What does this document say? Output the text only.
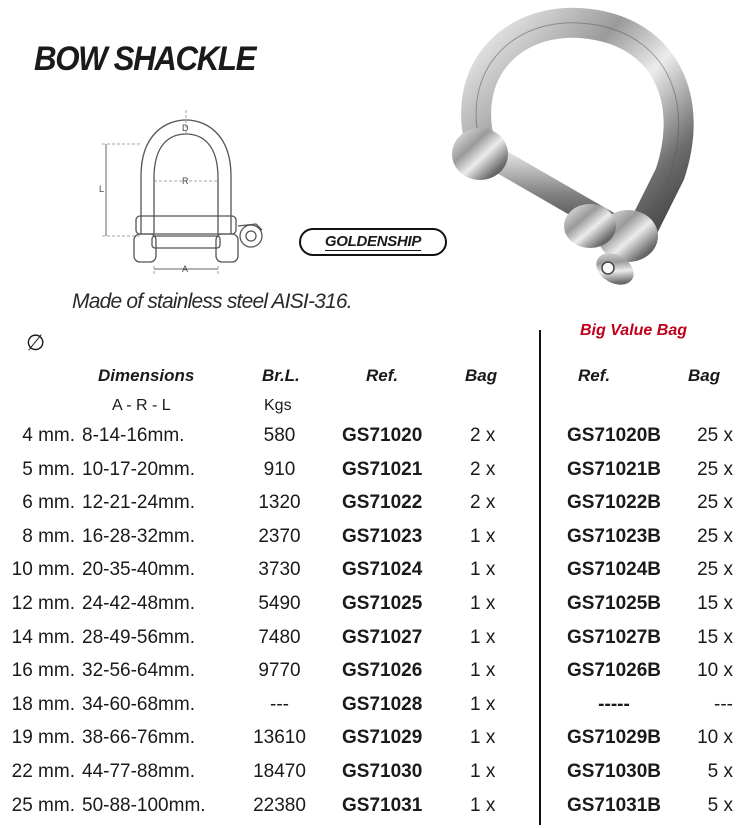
BOW SHACKLE
D
R
L
A
GOLDENSHIP
Made of stainless steel AISI-316.
∅	Big Value Bag
Dimensions
A - R - L
Br.L.
Kgs
Ref.	Bag	Ref.	Bag
4 mm. 8-14-16mm.	580	GS71020	2 x	GS71020B	25 x
5 mm. 10-17-20mm.	910	GS71021	2 x	GS71021B	25 x
6 mm. 12-21-24mm.	1320	GS71022	2 x	GS71022B	25 x
8 mm. 16-28-32mm.	2370	GS71023	1 x	GS71023B	25 x
10 mm. 20-35-40mm.	3730	GS71024	1 x	GS71024B	25 x
12 mm. 24-42-48mm.	5490	GS71025	1 x	GS71025B	15 x
14 mm. 28-49-56mm.	7480	GS71027	1 x	GS71027B	15 x
16 mm. 32-56-64mm.	9770	GS71026	1 x	GS71026B	10 x
18 mm. 34-60-68mm.	---	GS71028	1 x	-----	---
19 mm. 38-66-76mm.	13610	GS71029	1 x	GS71029B	10 x
22 mm. 44-77-88mm.	18470	GS71030	1 x	GS71030B	5 x
25 mm. 50-88-100mm.	22380	GS71031	1 x	GS71031B	5 x
